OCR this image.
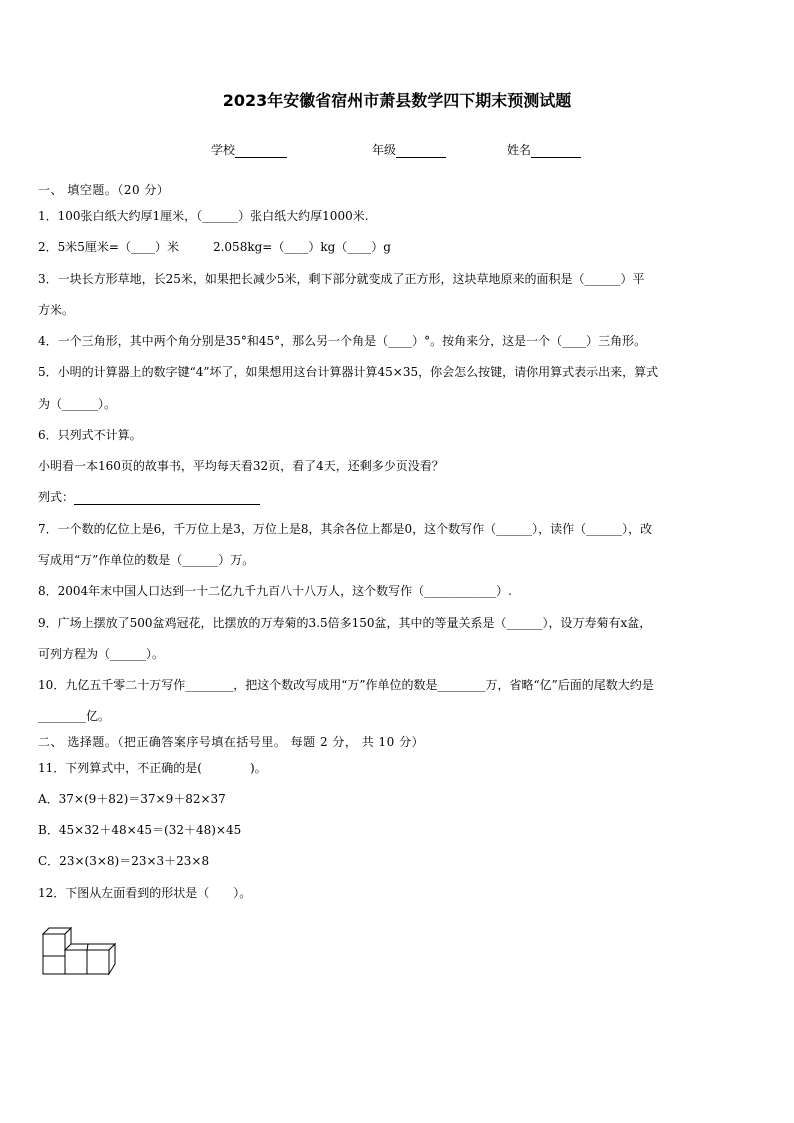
2023年安徽省宿州市萧县数学四下期末预测试题
学校	年级	姓名
一、 填空题。（20 分）
1．100张白纸大约厚1厘米，（______）张白纸大约厚1000米.
2．5米5厘米=（____）米	2.058kg=（____）kg（____）g
3．一块长方形草地，长25米，如果把长减少5米，剩下部分就变成了正方形，这块草地原来的面积是（______）平
方米。
4．一个三角形，其中两个角分别是35°和45°，那么另一个角是（____）°。按角来分，这是一个（____）三角形。
5．小明的计算器上的数字键“4”坏了，如果想用这台计算器计算45×35，你会怎么按键，请你用算式表示出来，算式
为（______）。
6．只列式不计算。
小明看一本160页的故事书，平均每天看32页，看了4天，还剩多少页没看？
列式：
7．一个数的亿位上是6，千万位上是3，万位上是8，其余各位上都是0，这个数写作（______），读作（______），改
写成用“万”作单位的数是（______）万。
8．2004年末中国人口达到一十二亿九千九百八十八万人，这个数写作（____________）.
9．广场上摆放了500盆鸡冠花，比摆放的万寿菊的3.5倍多150盆，其中的等量关系是（______），设万寿菊有x盆，
可列方程为（______）。
10．九亿五千零二十万写作________，把这个数改写成用“万”作单位的数是________万，省略“亿”后面的尾数大约是
________亿。
二、 选择题。（把正确答案序号填在括号里。 每题 2 分， 共 10 分）
11．下列算式中，不正确的是(　　　　)。
A．37×(9＋82)＝37×9＋82×37
B．45×32＋48×45＝(32＋48)×45
C．23×(3×8)＝23×3＋23×8
12．下图从左面看到的形状是（　　）。
